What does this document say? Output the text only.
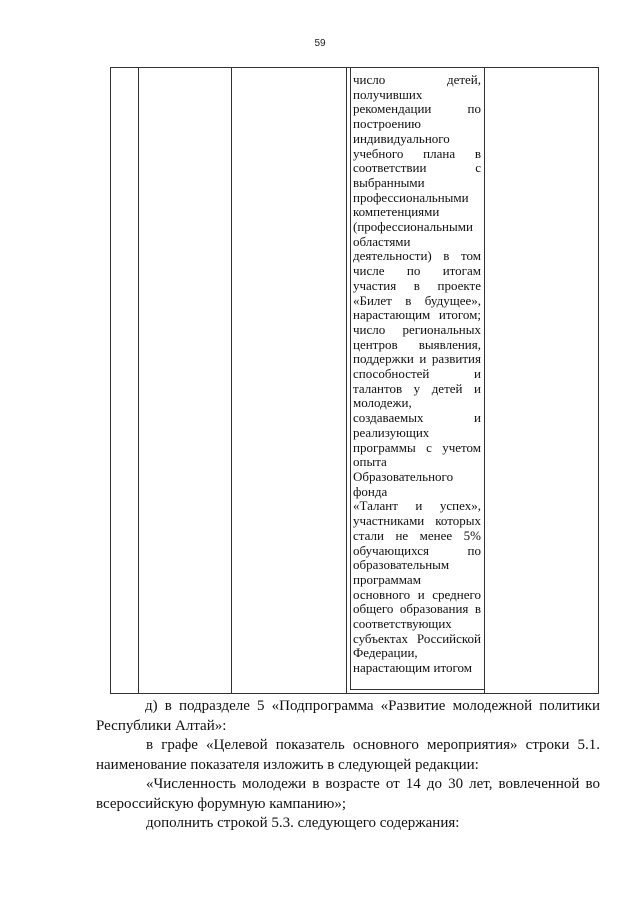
59
число детей,
получивших
рекомендации по
построению
индивидуального
учебного плана в
соответствии с
выбранными
профессиональными
компетенциями
(профессиональными
областями
деятельности) в том
числе по итогам
участия в проекте
«Билет в будущее»,
нарастающим итогом;
число региональных
центров выявления,
поддержки и развития
способностей и
талантов у детей и
молодежи,
создаваемых и
реализующих
программы с учетом
опыта
Образовательного
фонда
«Талант и успех»,
участниками которых
стали не менее 5%
обучающихся по
образовательным
программам
основного и среднего
общего образования в
соответствующих
субъектах Российской
Федерации,
нарастающим итогом
д) в подразделе 5 «Подпрограмма «Развитие молодежной политики
Республики Алтай»:
в графе «Целевой показатель основного мероприятия» строки 5.1.
наименование показателя изложить в следующей редакции:
«Численность молодежи в возрасте от 14 до 30 лет, вовлеченной во
всероссийскую форумную кампанию»;
дополнить строкой 5.3. следующего содержания:
